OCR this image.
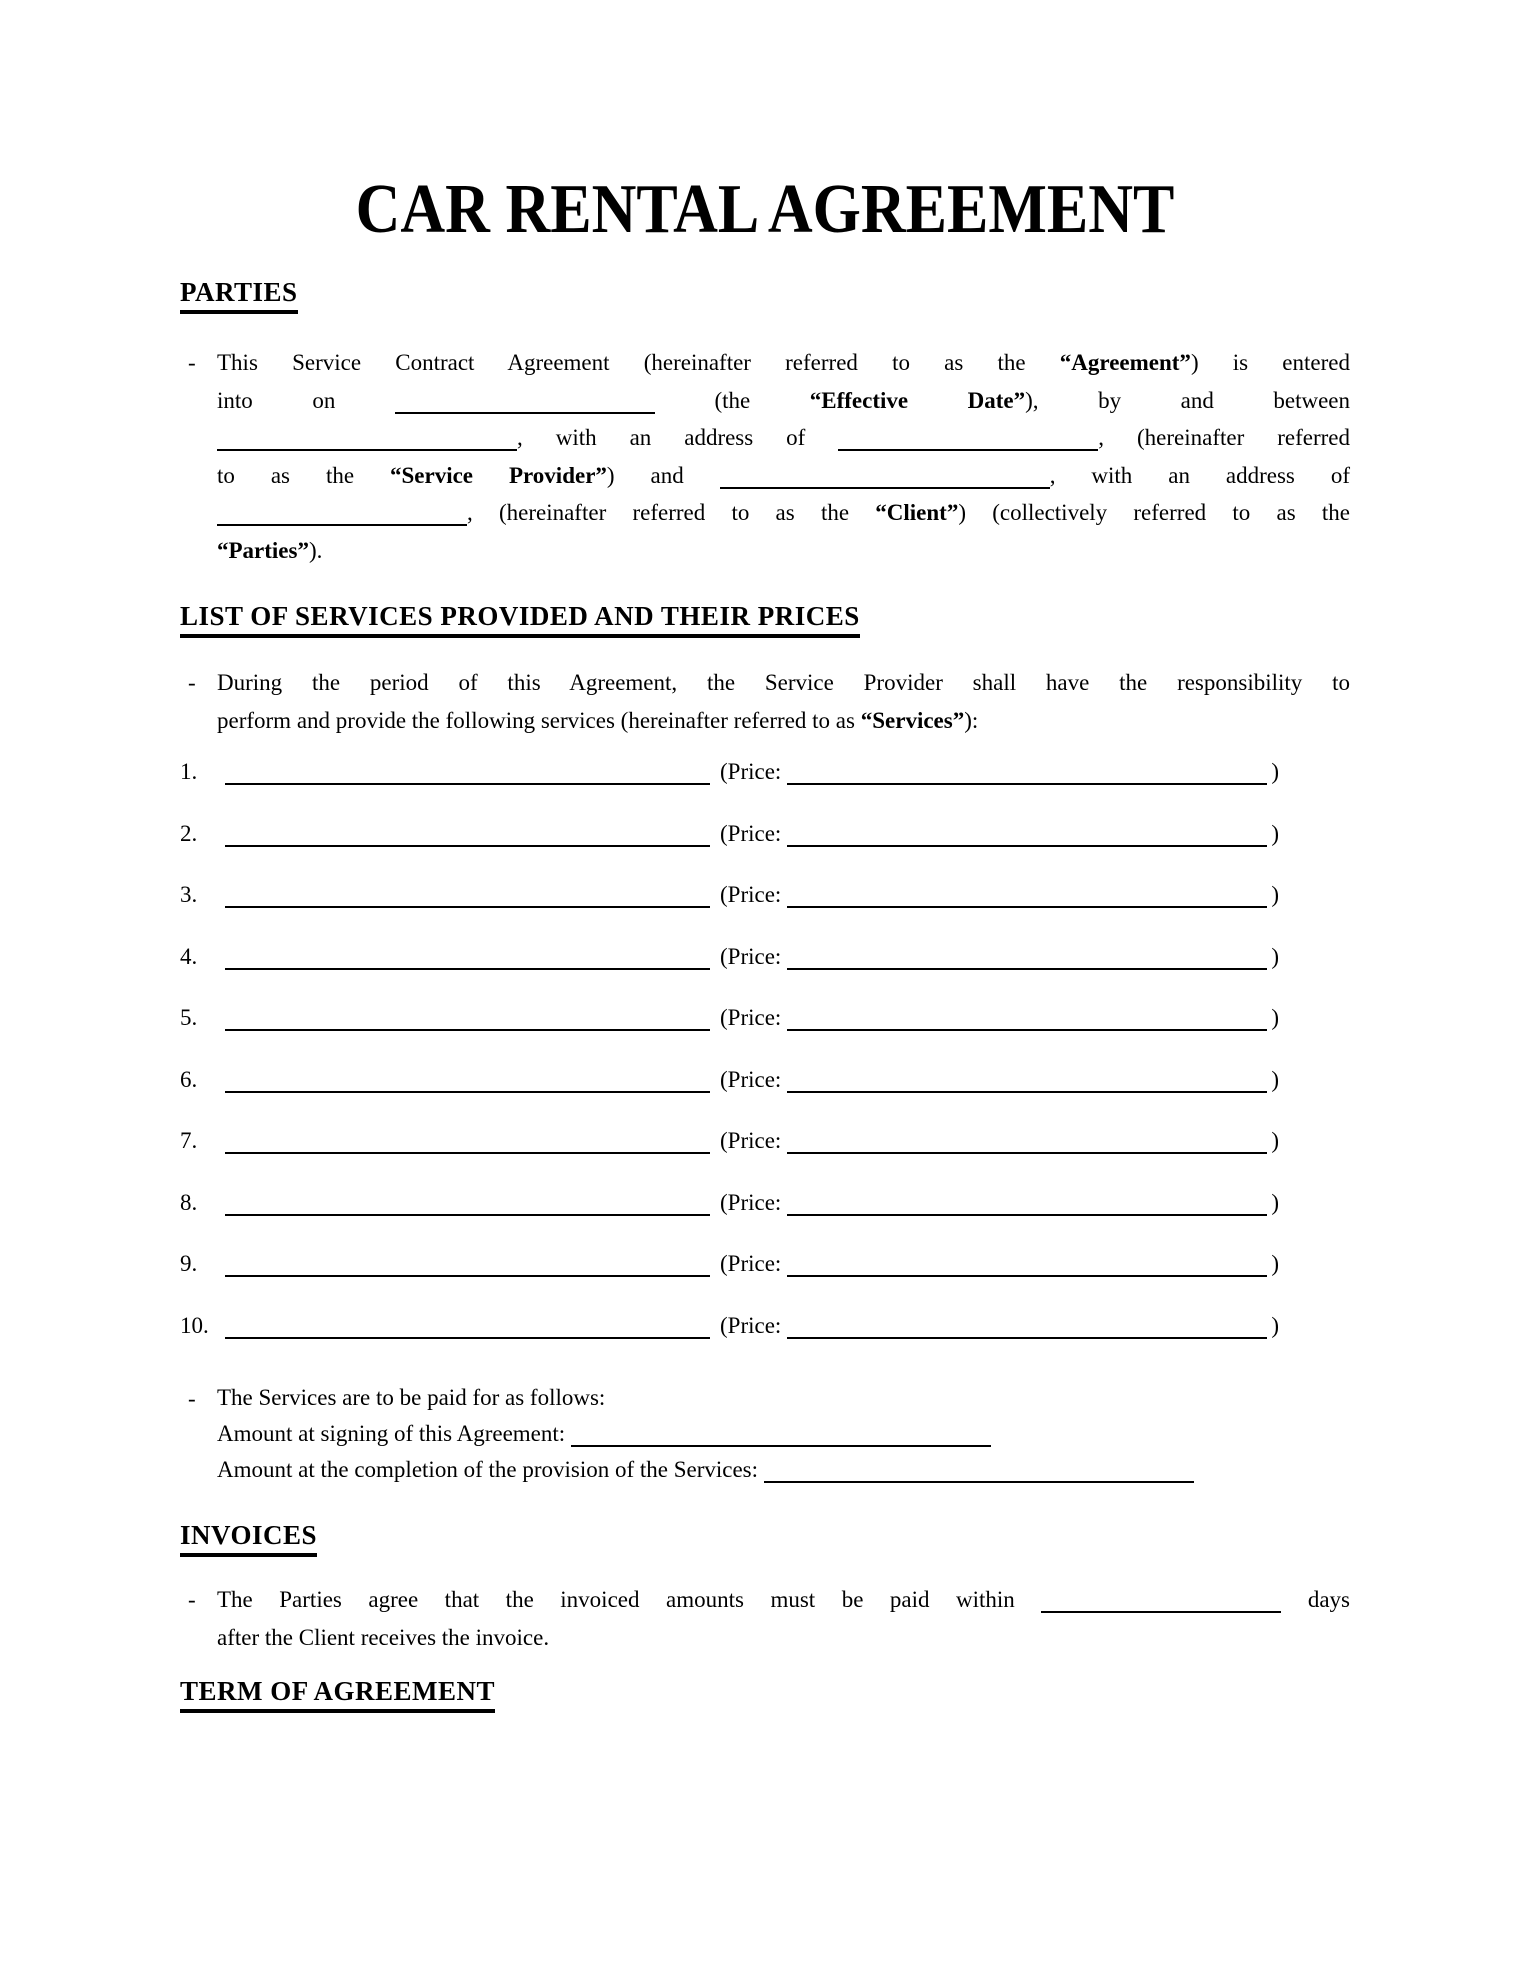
CAR RENTAL AGREEMENT
PARTIES
- This Service Contract Agreement (hereinafter referred to as the “Agreement”) is entered
into on	(the “Effective Date”), by and between
, with an address of	, (hereinafter referred
to as the “Service Provider”) and	, with an address of
, (hereinafter referred to as the “Client”) (collectively referred to as the
“Parties”).
LIST OF SERVICES PROVIDED AND THEIR PRICES
- During the period of this Agreement, the Service Provider shall have the responsibility to
perform and provide the following services (hereinafter referred to as “Services”):
1.	(Price:	)
2.	(Price:	)
3.	(Price:	)
4.	(Price:	)
5.	(Price:	)
6.	(Price:	)
7.	(Price:	)
8.	(Price:	)
9.	(Price:	)
10.	(Price:	)
- The Services are to be paid for as follows:
Amount at signing of this Agreement:
Amount at the completion of the provision of the Services:
INVOICES
- The Parties agree that the invoiced amounts must be paid within	days
after the Client receives the invoice.
TERM OF AGREEMENT
